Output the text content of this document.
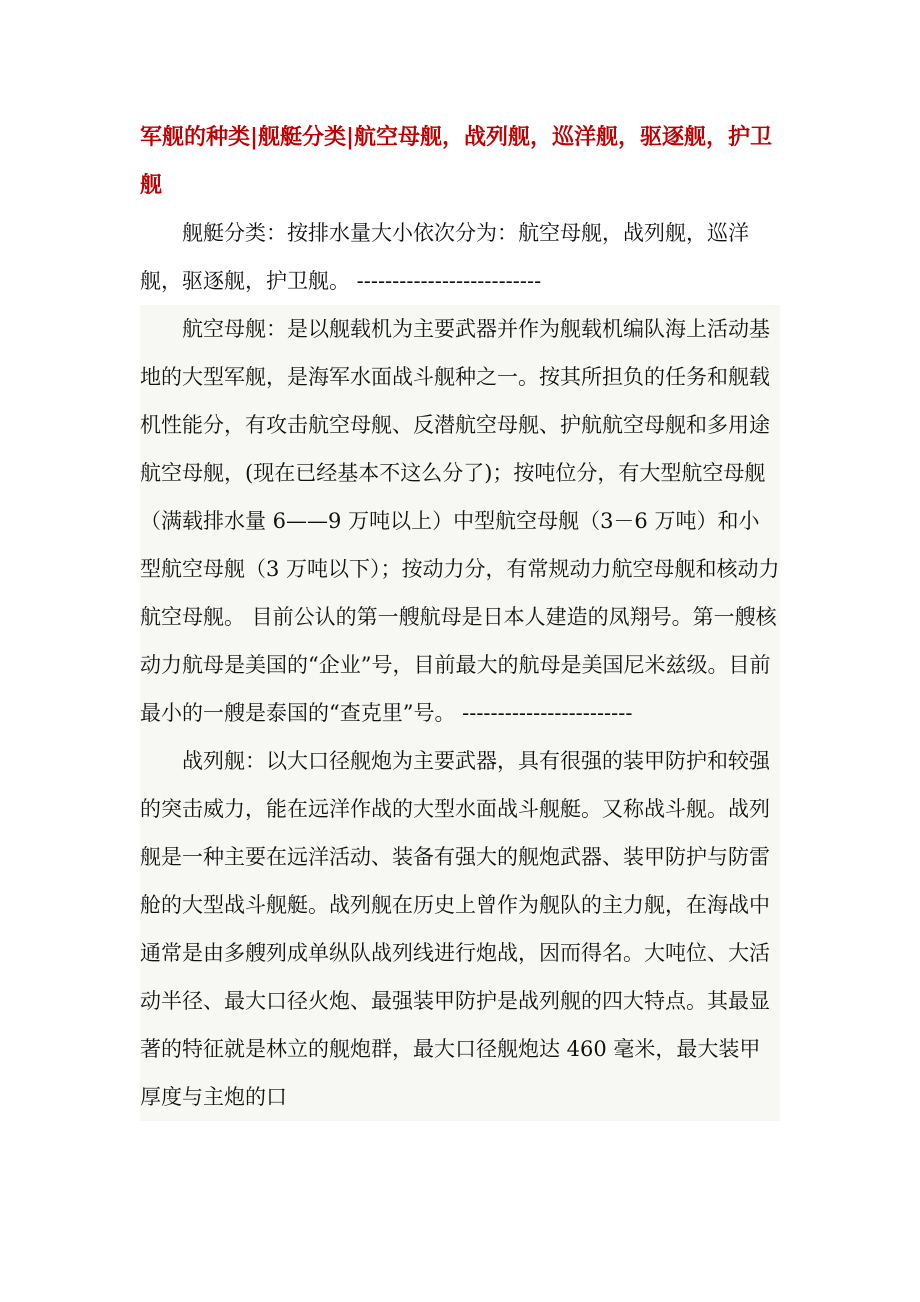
军舰的种类|舰艇分类|航空母舰，战列舰，巡洋舰，驱逐舰，护卫舰

舰艇分类：按排水量大小依次分为：航空母舰，战列舰，巡洋舰，驱逐舰，护卫舰。 --------------------------

航空母舰：是以舰载机为主要武器并作为舰载机编队海上活动基地的大型军舰，是海军水面战斗舰种之一。按其所担负的任务和舰载机性能分，有攻击航空母舰、反潜航空母舰、护航航空母舰和多用途航空母舰，(现在已经基本不这么分了)；按吨位分，有大型航空母舰（满载排水量 6——9 万吨以上）中型航空母舰（3－6 万吨）和小型航空母舰（3 万吨以下）；按动力分，有常规动力航空母舰和核动力航空母舰。 目前公认的第一艘航母是日本人建造的凤翔号。第一艘核动力航母是美国的“企业”号，目前最大的航母是美国尼米兹级。目前最小的一艘是泰国的“查克里”号。 ------------------------

战列舰：以大口径舰炮为主要武器，具有很强的装甲防护和较强的突击威力，能在远洋作战的大型水面战斗舰艇。又称战斗舰。战列舰是一种主要在远洋活动、装备有强大的舰炮武器、装甲防护与防雷舱的大型战斗舰艇。战列舰在历史上曾作为舰队的主力舰，在海战中通常是由多艘列成单纵队战列线进行炮战，因而得名。大吨位、大活动半径、最大口径火炮、最强装甲防护是战列舰的四大特点。其最显著的特征就是林立的舰炮群，最大口径舰炮达 460 毫米，最大装甲厚度与主炮的口
